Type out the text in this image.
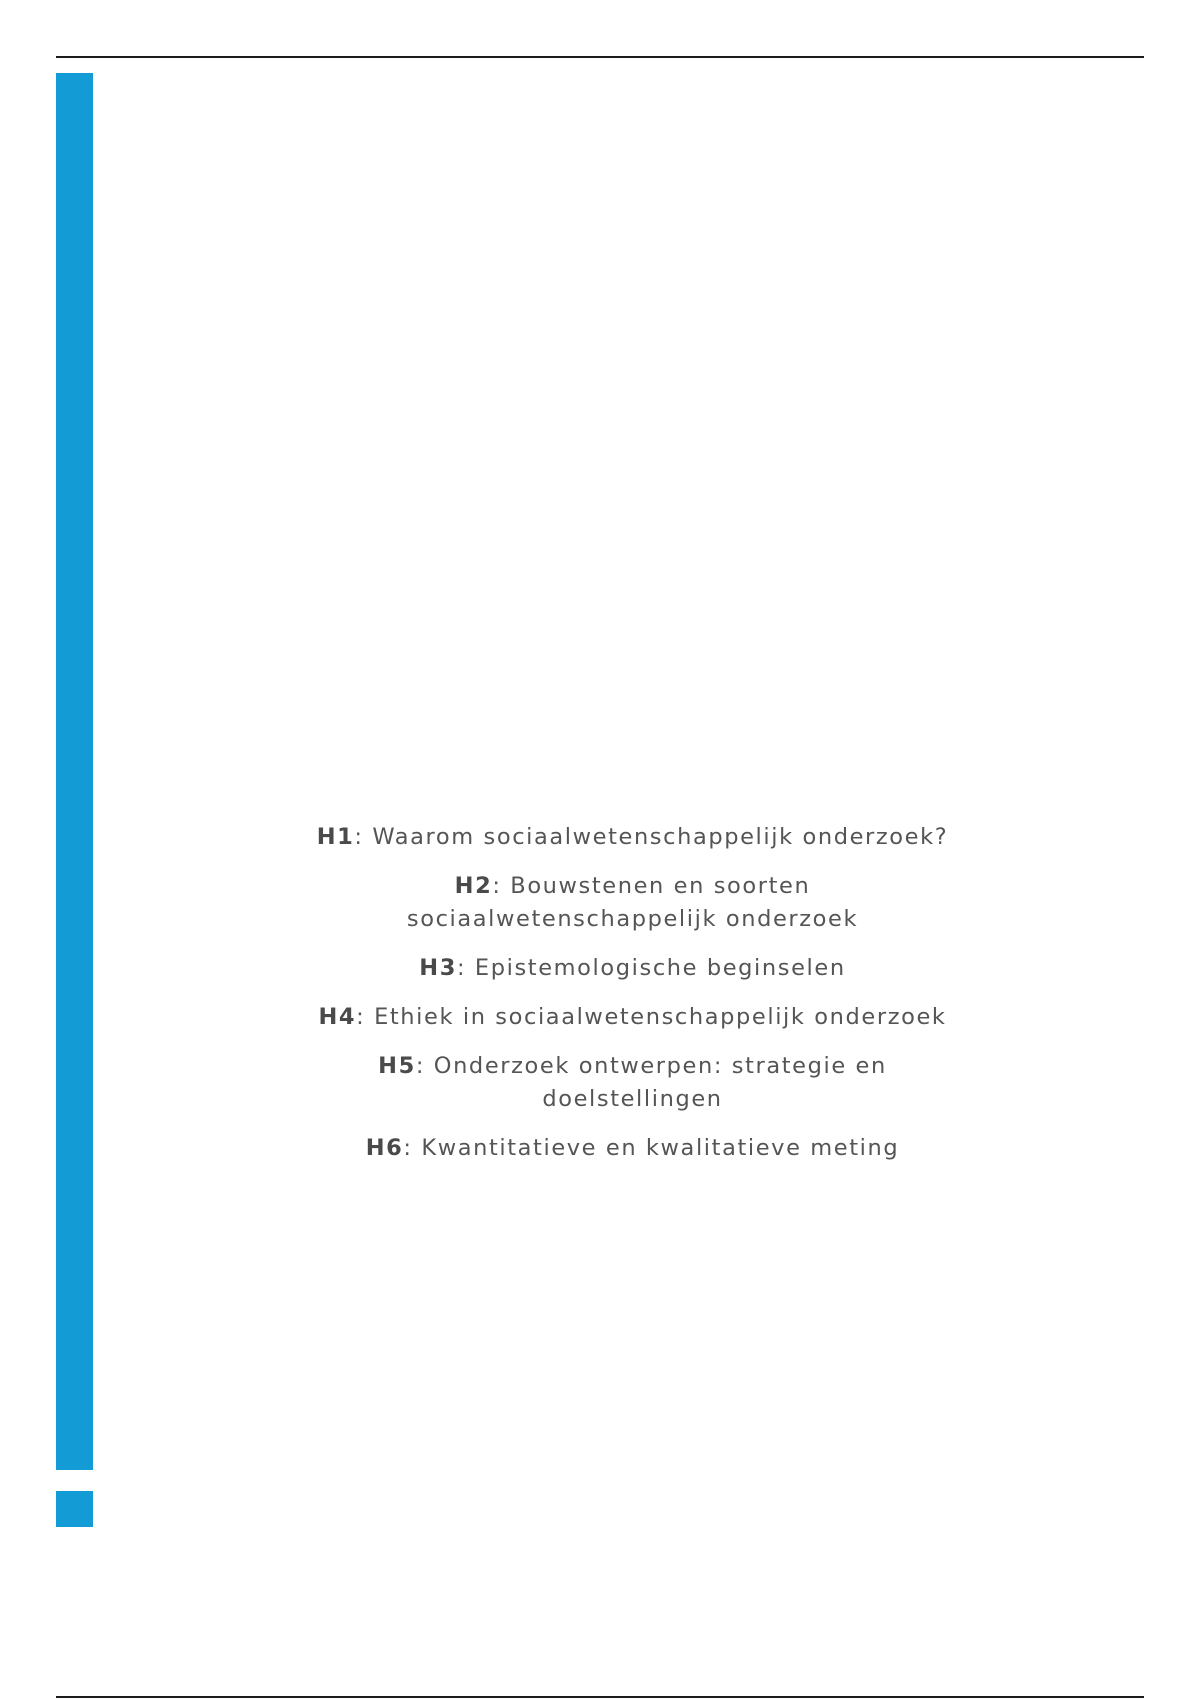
H1: Waarom sociaalwetenschappelijk onderzoek?
H2: Bouwstenen en soorten sociaalwetenschappelijk onderzoek
H3: Epistemologische beginselen
H4: Ethiek in sociaalwetenschappelijk onderzoek
H5: Onderzoek ontwerpen: strategie en doelstellingen
H6: Kwantitatieve en kwalitatieve meting
